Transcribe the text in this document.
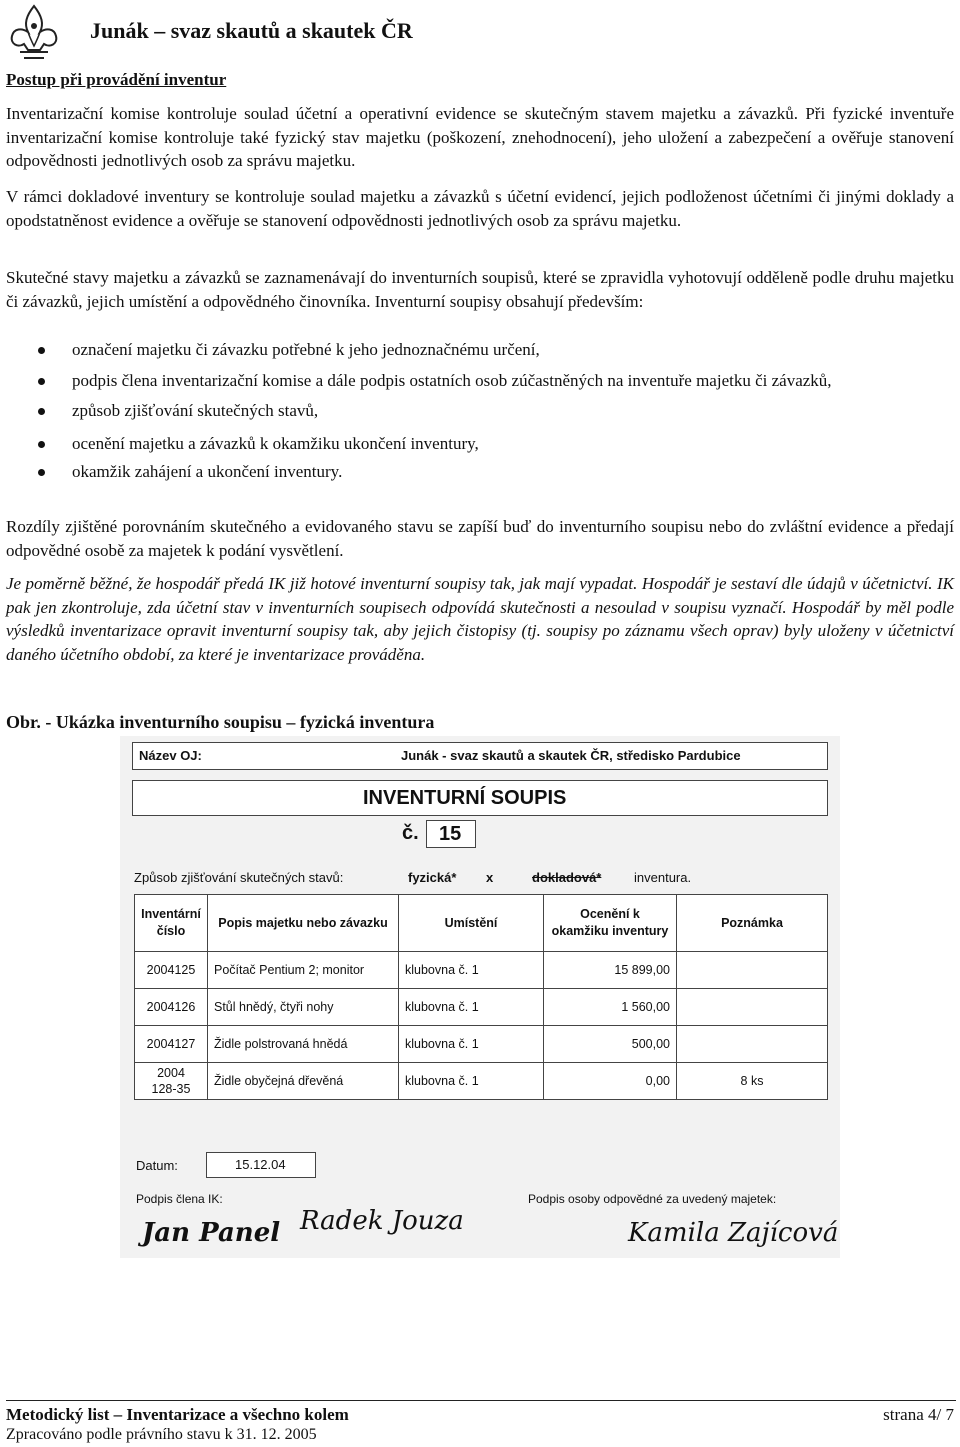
Junák – svaz skautů a skautek ČR
Postup při provádění inventur

Inventarizační komise kontroluje soulad účetní a operativní evidence se skutečným stavem majetku a závazků. Při fyzické inventuře inventarizační komise kontroluje také fyzický stav majetku (poškození, znehodnocení), jeho uložení a zabezpečení a ověřuje stanovení odpovědnosti jednotlivých osob za správu majetku.

V rámci dokladové inventury se kontroluje soulad majetku a závazků s účetní evidencí, jejich podloženost účetními či jinými doklady a opodstatněnost evidence a ověřuje se stanovení odpovědnosti jednotlivých osob za správu majetku.

Skutečné stavy majetku a závazků se zaznamenávají do inventurních soupisů, které se zpravidla vyhotovují odděleně podle druhu majetku či závazků, jejich umístění a odpovědného činovníka. Inventurní soupisy obsahují především:

označení majetku či závazku potřebné k jeho jednoznačnému určení,
podpis člena inventarizační komise a dále podpis ostatních osob zúčastněných na inventuře majetku či závazků,
způsob zjišťování skutečných stavů,
ocenění majetku a závazků k okamžiku ukončení inventury,
okamžik zahájení a ukončení inventury.

Rozdíly zjištěné porovnáním skutečného a evidovaného stavu se zapíší buď do inventurního soupisu nebo do zvláštní evidence a předají odpovědné osobě za majetek k podání vysvětlení.

Je poměrně běžné, že hospodář předá IK již hotové inventurní soupisy tak, jak mají vypadat. Hospodář je sestaví dle údajů v účetnictví. IK pak jen zkontroluje, zda účetní stav v inventurních soupisech odpovídá skutečnosti a nesoulad v soupisu vyznačí. Hospodář by měl podle výsledků inventarizace opravit inventurní soupisy tak, aby jejich čistopisy (tj. soupisy po záznamu všech oprav) byly uloženy v účetnictví daného účetního období, za které je inventarizace prováděna.

Obr. - Ukázka inventurního soupisu – fyzická inventura
Název OJ:	Junák - svaz skautů a skautek ČR, středisko Pardubice
INVENTURNÍ SOUPIS
č. 15
Způsob zjišťování skutečných stavů:	fyzická* x	dokladová*	inventura.
Inventární číslo	Popis majetku nebo závazku	Umístění	Ocenění k okamžiku inventury	Poznámka
2004125	Počítač Pentium 2; monitor	klubovna č. 1	15 899,00	
2004126	Stůl hnědý, čtyři nohy	klubovna č. 1	1 560,00	
2004127	Židle polstrovaná hnědá	klubovna č. 1	500,00	
2004
128-35	Židle obyčejná dřevěná	klubovna č. 1	0,00	8 ks
Datum:	15.12.04
Podpis člena IK:	Podpis osoby odpovědné za uvedený majetek:
Jan Panel Radek Jouza	Kamila Zajícová
Metodický list – Inventarizace a všechno kolem	strana 4/ 7
Zpracováno podle právního stavu k 31. 12. 2005
